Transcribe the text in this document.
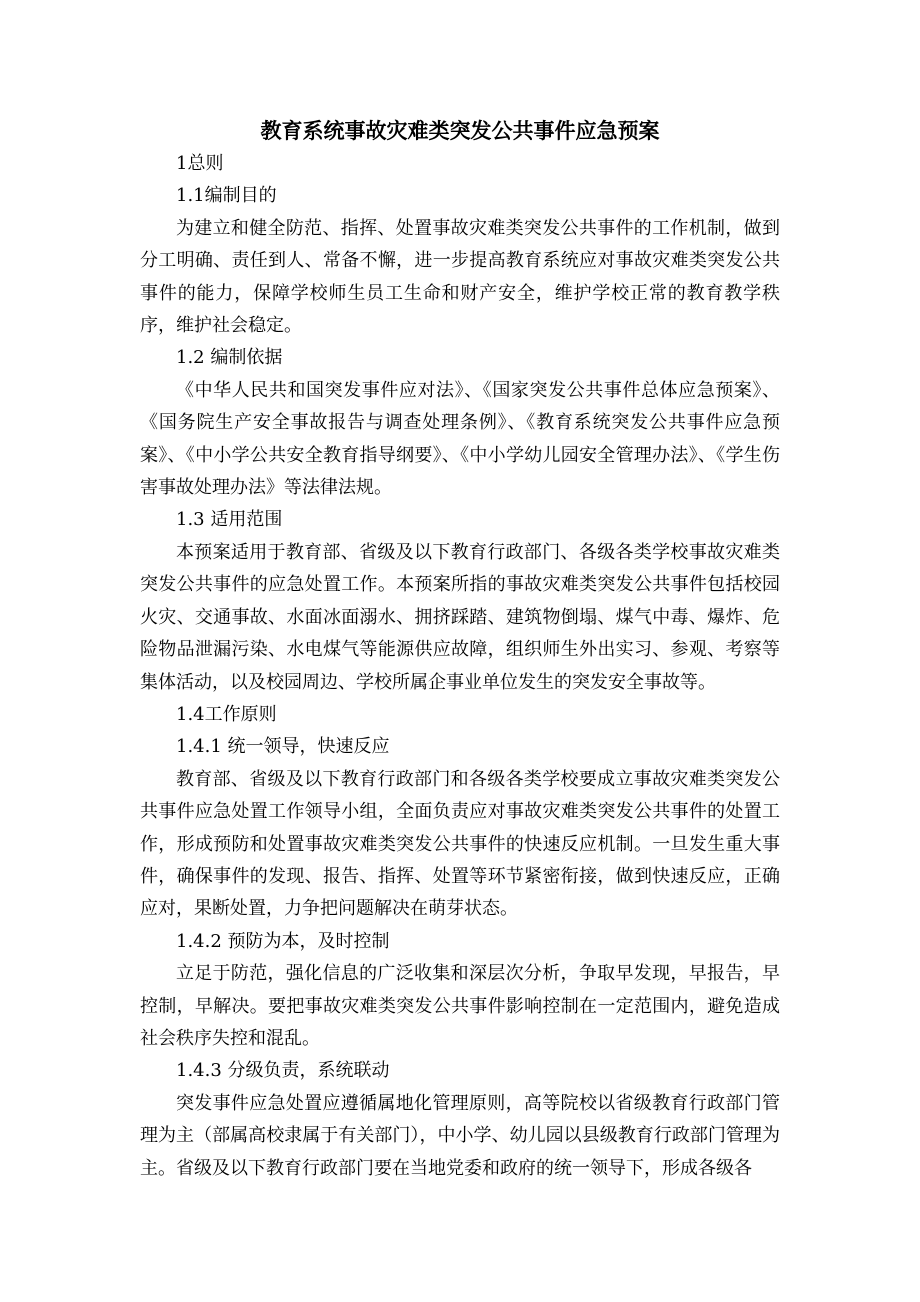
教育系统事故灾难类突发公共事件应急预案

1总则

1.1编制目的

为建立和健全防范、指挥、处置事故灾难类突发公共事件的工作机制，做到分工明确、责任到人、常备不懈，进一步提高教育系统应对事故灾难类突发公共事件的能力，保障学校师生员工生命和财产安全，维护学校正常的教育教学秩序，维护社会稳定。

1.2 编制依据

《中华人民共和国突发事件应对法》、《国家突发公共事件总体应急预案》、《国务院生产安全事故报告与调查处理条例》、《教育系统突发公共事件应急预案》、《中小学公共安全教育指导纲要》、《中小学幼儿园安全管理办法》、《学生伤害事故处理办法》等法律法规。

1.3 适用范围

本预案适用于教育部、省级及以下教育行政部门、各级各类学校事故灾难类突发公共事件的应急处置工作。本预案所指的事故灾难类突发公共事件包括校园火灾、交通事故、水面冰面溺水、拥挤踩踏、建筑物倒塌、煤气中毒、爆炸、危险物品泄漏污染、水电煤气等能源供应故障，组织师生外出实习、参观、考察等集体活动，以及校园周边、学校所属企事业单位发生的突发安全事故等。

1.4工作原则

1.4.1 统一领导，快速反应

教育部、省级及以下教育行政部门和各级各类学校要成立事故灾难类突发公共事件应急处置工作领导小组，全面负责应对事故灾难类突发公共事件的处置工作，形成预防和处置事故灾难类突发公共事件的快速反应机制。一旦发生重大事件，确保事件的发现、报告、指挥、处置等环节紧密衔接，做到快速反应，正确应对，果断处置，力争把问题解决在萌芽状态。

1.4.2 预防为本，及时控制

立足于防范，强化信息的广泛收集和深层次分析，争取早发现，早报告，早控制，早解决。要把事故灾难类突发公共事件影响控制在一定范围内，避免造成社会秩序失控和混乱。

1.4.3 分级负责，系统联动

突发事件应急处置应遵循属地化管理原则，高等院校以省级教育行政部门管理为主（部属高校隶属于有关部门），中小学、幼儿园以县级教育行政部门管理为主。省级及以下教育行政部门要在当地党委和政府的统一领导下，形成各级各
